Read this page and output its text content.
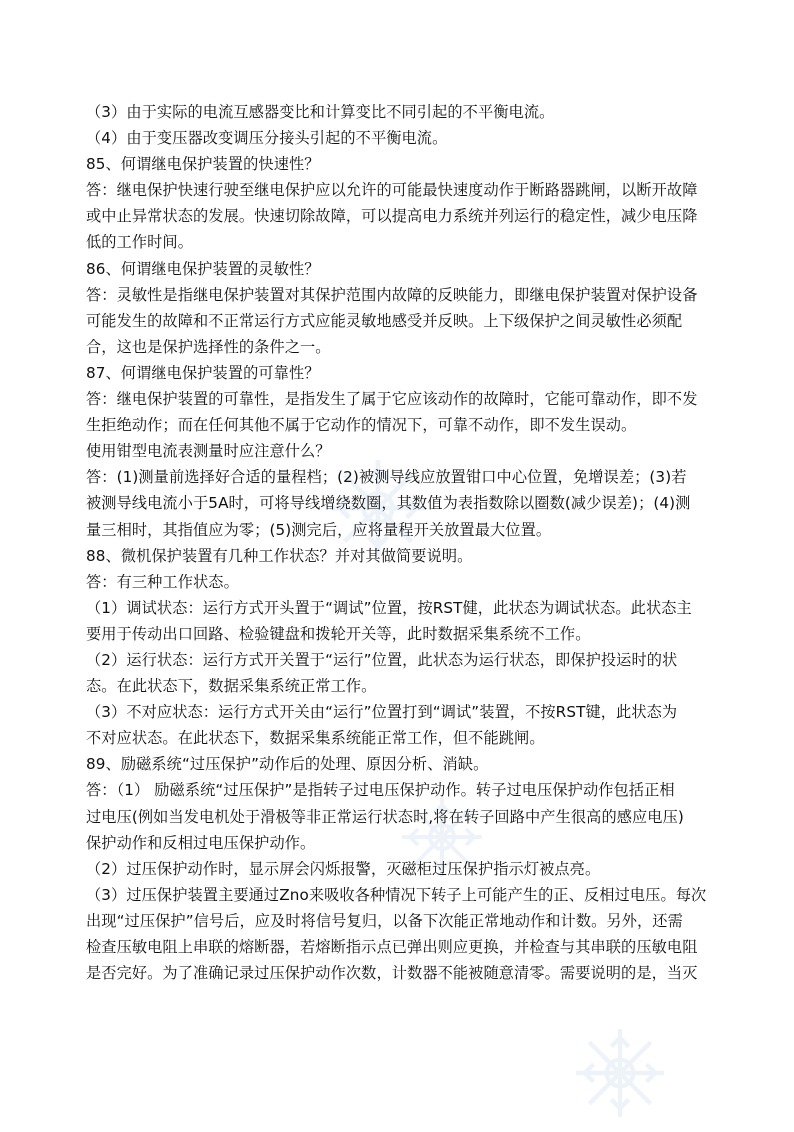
（3）由于实际的电流互感器变比和计算变比不同引起的不平衡电流。
（4）由于变压器改变调压分接头引起的不平衡电流。
85、何谓继电保护装置的快速性？
答：继电保护快速行驶至继电保护应以允许的可能最快速度动作于断路器跳闸，以断开故障
或中止异常状态的发展。快速切除故障，可以提高电力系统并列运行的稳定性，减少电压降
低的工作时间。
86、何谓继电保护装置的灵敏性？
答：灵敏性是指继电保护装置对其保护范围内故障的反映能力，即继电保护装置对保护设备
可能发生的故障和不正常运行方式应能灵敏地感受并反映。上下级保护之间灵敏性必须配
合，这也是保护选择性的条件之一。
87、何谓继电保护装置的可靠性？
答：继电保护装置的可靠性，是指发生了属于它应该动作的故障时，它能可靠动作，即不发
生拒绝动作；而在任何其他不属于它动作的情况下，可靠不动作，即不发生误动。
使用钳型电流表测量时应注意什么？
答：(1)测量前选择好合适的量程档；(2)被测导线应放置钳口中心位置，免增误差；(3)若
被测导线电流小于5A时，可将导线增绕数圈，其数值为表指数除以圈数(减少误差)；(4)测
量三相时，其指值应为零；(5)测完后，应将量程开关放置最大位置。
88、微机保护装置有几种工作状态？并对其做简要说明。
答：有三种工作状态。
（1）调试状态：运行方式开头置于“调试”位置，按RST健，此状态为调试状态。此状态主
要用于传动出口回路、检验键盘和拨轮开关等，此时数据采集系统不工作。
（2）运行状态：运行方式开关置于“运行”位置，此状态为运行状态，即保护投运时的状
态。在此状态下，数据采集系统正常工作。
（3）不对应状态：运行方式开关由“运行”位置打到“调试”装置，不按RST键，此状态为
不对应状态。在此状态下，数据采集系统能正常工作，但不能跳闸。
89、励磁系统“过压保护”动作后的处理、原因分析、消缺。
答：（1） 励磁系统“过压保护”是指转子过电压保护动作。转子过电压保护动作包括正相
过电压(例如当发电机处于滑极等非正常运行状态时,将在转子回路中产生很高的感应电压)
保护动作和反相过电压保护动作。
（2）过压保护动作时，显示屏会闪烁报警，灭磁柜过压保护指示灯被点亮。
（3）过压保护装置主要通过Zno来吸收各种情况下转子上可能产生的正、反相过电压。每次
出现“过压保护”信号后，应及时将信号复归，以备下次能正常地动作和计数。另外，还需
检查压敏电阻上串联的熔断器，若熔断指示点已弹出则应更换，并检查与其串联的压敏电阻
是否完好。为了准确记录过压保护动作次数，计数器不能被随意清零。需要说明的是，当灭
